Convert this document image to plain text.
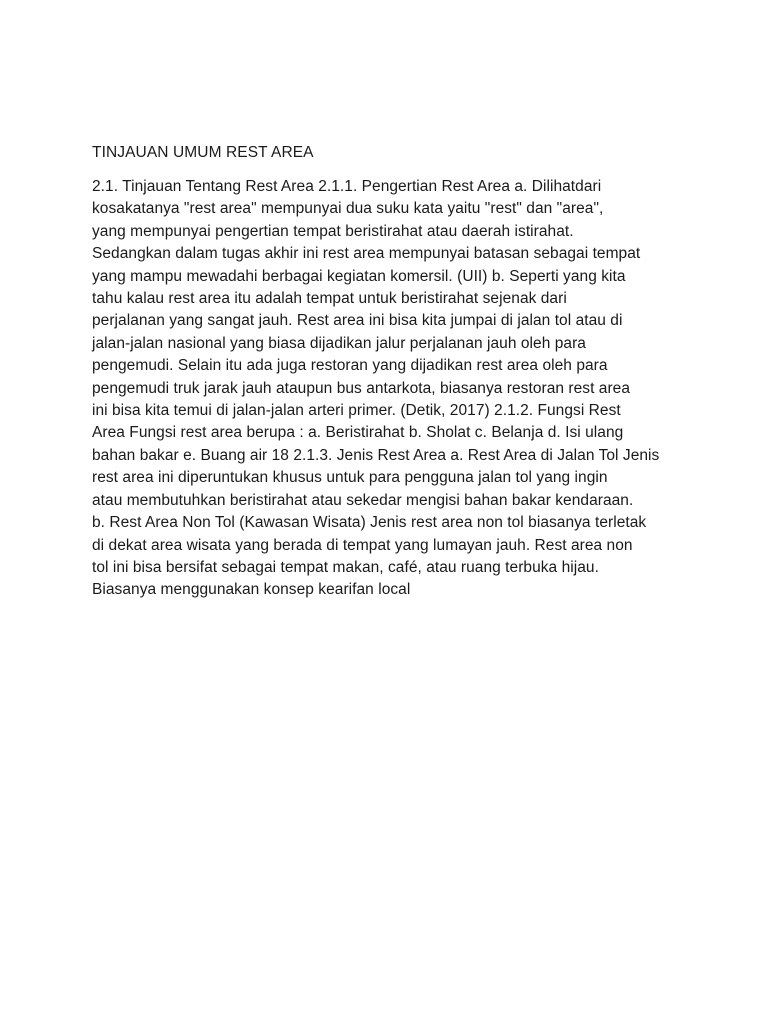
TINJAUAN UMUM REST AREA
2.1. Tinjauan Tentang Rest Area 2.1.1. Pengertian Rest Area a. Dilihatdari
kosakatanya "rest area" mempunyai dua suku kata yaitu "rest" dan "area",
yang mempunyai pengertian tempat beristirahat atau daerah istirahat.
Sedangkan dalam tugas akhir ini rest area mempunyai batasan sebagai tempat
yang mampu mewadahi berbagai kegiatan komersil. (UII) b. Seperti yang kita
tahu kalau rest area itu adalah tempat untuk beristirahat sejenak dari
perjalanan yang sangat jauh. Rest area ini bisa kita jumpai di jalan tol atau di
jalan-jalan nasional yang biasa dijadikan jalur perjalanan jauh oleh para
pengemudi. Selain itu ada juga restoran yang dijadikan rest area oleh para
pengemudi truk jarak jauh ataupun bus antarkota, biasanya restoran rest area
ini bisa kita temui di jalan-jalan arteri primer. (Detik, 2017) 2.1.2. Fungsi Rest
Area Fungsi rest area berupa : a. Beristirahat b. Sholat c. Belanja d. Isi ulang
bahan bakar e. Buang air 18 2.1.3. Jenis Rest Area a. Rest Area di Jalan Tol Jenis
rest area ini diperuntukan khusus untuk para pengguna jalan tol yang ingin
atau membutuhkan beristirahat atau sekedar mengisi bahan bakar kendaraan.
b. Rest Area Non Tol (Kawasan Wisata) Jenis rest area non tol biasanya terletak
di dekat area wisata yang berada di tempat yang lumayan jauh. Rest area non
tol ini bisa bersifat sebagai tempat makan, café, atau ruang terbuka hijau.
Biasanya menggunakan konsep kearifan local
